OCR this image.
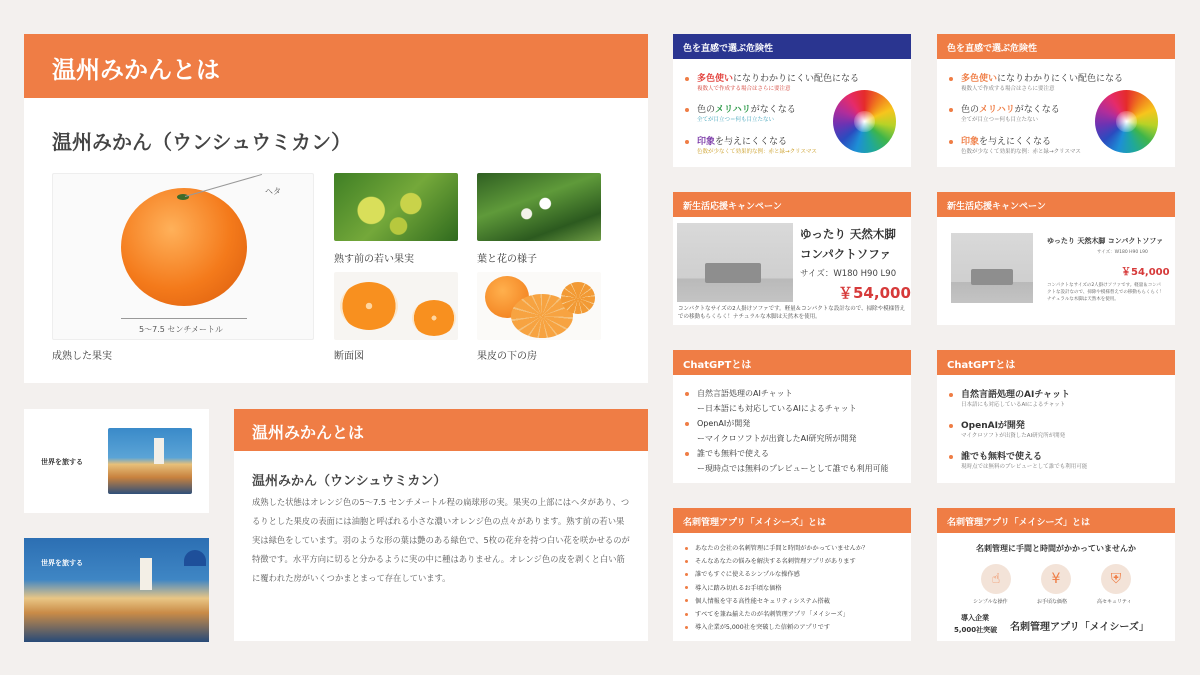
温州みかんとは
温州みかん（ウンシュウミカン）
ヘタ
5〜7.5 センチメートル
成熟した果実
熟す前の若い果実	葉と花の様子
断面図	果皮の下の房
世界を旅する
世界を旅する
温州みかんとは
温州みかん（ウンシュウミカン）
成熟した状態はオレンジ色の5〜7.5 センチメートル程の扁球形の実。果実の上部にはヘタがあり、つるりとした果皮の表面には油胞と呼ばれる小さな濃いオレンジ色の点々があります。熟す前の若い果実は緑色をしています。羽のような形の葉は艶のある緑色で、5枚の花弁を持つ白い花を咲かせるのが特徴です。水平方向に切ると分かるように実の中に種はありません。オレンジ色の皮を剥くと白い筋に覆われた房がいくつかまとまって存在しています。
色を直感で選ぶ危険性
多色使いになりわかりにくい配色になる
複数人で作成する場合はさらに要注意
色のメリハリがなくなる
全てが目立つ＝何も目立たない
印象を与えにくくなる
色数が少なくて効果的な例：赤と緑→クリスマス
色を直感で選ぶ危険性
多色使いになりわかりにくい配色になる
複数人で作成する場合はさらに要注意
色のメリハリがなくなる
全てが目立つ＝何も目立たない
印象を与えにくくなる
色数が少なくて効果的な例：赤と緑→クリスマス
新生活応援キャンペーン
ゆったり 天然木脚
コンパクトソファ
サイズ：W180 H90 L90
￥54,000
コンパクトなサイズの2人掛けソファです。軽量＆コンパクトな設計なので、掃除や模様替えでの移動もらくらく！ナチュラルな木脚は天然木を使用。
新生活応援キャンペーン
ゆったり 天然木脚 コンパクトソファ
サイズ：W180 H90 L90
￥54,000
コンパクトなサイズの2人掛けソファです。軽量＆コンパクトな設計なので、掃除や模様替えでの移動もらくらく！ナチュラルな木脚は天然木を使用。
ChatGPTとは
自然言語処理のAIチャット
ー日本語にも対応しているAIによるチャット
OpenAIが開発
ーマイクロソフトが出資したAI研究所が開発
誰でも無料で使える
ー現時点では無料のプレビューとして誰でも利用可能
ChatGPTとは
自然言語処理のAIチャット
日本語にも対応しているAIによるチャット
OpenAIが開発
マイクロソフトが出資したAI研究所が開発
誰でも無料で使える
現時点では無料のプレビューとして誰でも利用可能
名刺管理アプリ「メイシーズ」とは
あなたの会社の名刺管理に手間と時間がかかっていませんか？
そんなあなたの悩みを解決する名刺管理アプリがあります
誰でもすぐに使えるシンプルな操作感
導入に踏み切れるお手頃な価格
個人情報を守る高性能セキュリティシステム搭載
すべてを兼ね揃えたのが名刺管理アプリ「メイシーズ」
導入企業が5,000社を突破した信頼のアプリです
名刺管理アプリ「メイシーズ」とは
名刺管理に手間と時間がかかっていませんか
☝
シンプルな操作
¥
お手頃な価格
⛨
高セキュリティ
導入企業
5,000社突破 名刺管理アプリ「メイシーズ」
